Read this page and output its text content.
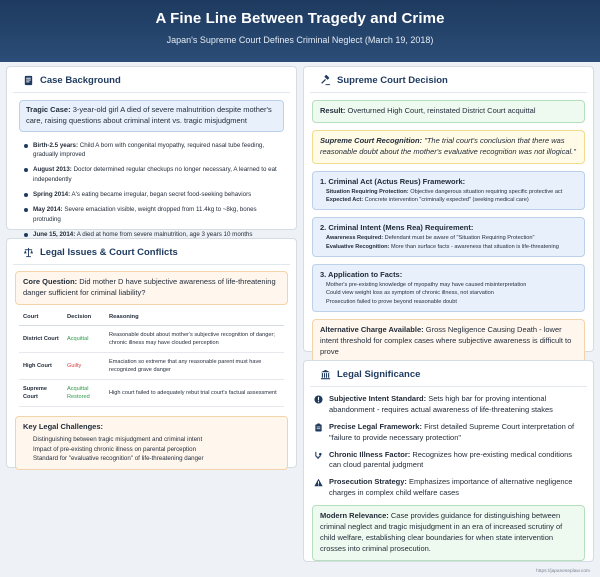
A Fine Line Between Tragedy and Crime
Japan's Supreme Court Defines Criminal Neglect (March 19, 2018)
Case Background
Tragic Case: 3-year-old girl A died of severe malnutrition despite mother's care, raising questions about criminal intent vs. tragic misjudgment
Birth-2.5 years: Child A born with congenital myopathy, required nasal tube feeding, gradually improved
August 2013: Doctor determined regular checkups no longer necessary, A learned to eat independently
Spring 2014: A's eating became irregular, began secret food-seeking behaviors
May 2014: Severe emaciation visible, weight dropped from 11.4kg to ~8kg, bones protruding
June 15, 2014: A died at home from severe malnutrition, age 3 years 10 months
Legal Issues & Court Conflicts
Core Question: Did mother D have subjective awareness of life-threatening danger sufficient for criminal liability?
Court	Decision	Reasoning
District Court	Acquittal	Reasonable doubt about mother's subjective recognition of danger; chronic illness may have clouded perception
High Court	Guilty	Emaciation so extreme that any reasonable parent must have recognized grave danger
Supreme Court	Acquittal Restored	High court failed to adequately rebut trial court's factual assessment
Key Legal Challenges:
Distinguishing between tragic misjudgment and criminal intent
Impact of pre-existing chronic illness on parental perception
Standard for "evaluative recognition" of life-threatening danger
Supreme Court Decision
Result: Overturned High Court, reinstated District Court acquittal
Supreme Court Recognition: "The trial court's conclusion that there was reasonable doubt about the mother's evaluative recognition was not illogical."
1. Criminal Act (Actus Reus) Framework:
Situation Requiring Protection: Objective dangerous situation requiring specific protective act
Expected Act: Concrete intervention "criminally expected" (seeking medical care)
2. Criminal Intent (Mens Rea) Requirement:
Awareness Required: Defendant must be aware of "Situation Requiring Protection"
Evaluative Recognition: More than surface facts - awareness that situation is life-threatening
3. Application to Facts:
Mother's pre-existing knowledge of myopathy may have caused misinterpretation
Could view weight loss as symptom of chronic illness, not starvation
Prosecution failed to prove beyond reasonable doubt
Alternative Charge Available: Gross Negligence Causing Death - lower intent threshold for complex cases where subjective awareness is difficult to prove
Legal Significance
Subjective Intent Standard: Sets high bar for proving intentional abandonment - requires actual awareness of life-threatening stakes
Precise Legal Framework: First detailed Supreme Court interpretation of "failure to provide necessary protection"
Chronic Illness Factor: Recognizes how pre-existing medical conditions can cloud parental judgment
Prosecution Strategy: Emphasizes importance of alternative negligence charges in complex child welfare cases
Modern Relevance: Case provides guidance for distinguishing between criminal neglect and tragic misjudgment in an era of increased scrutiny of child welfare, establishing clear boundaries for when state intervention crosses into criminal prosecution.
https://japaneseplaw.com
